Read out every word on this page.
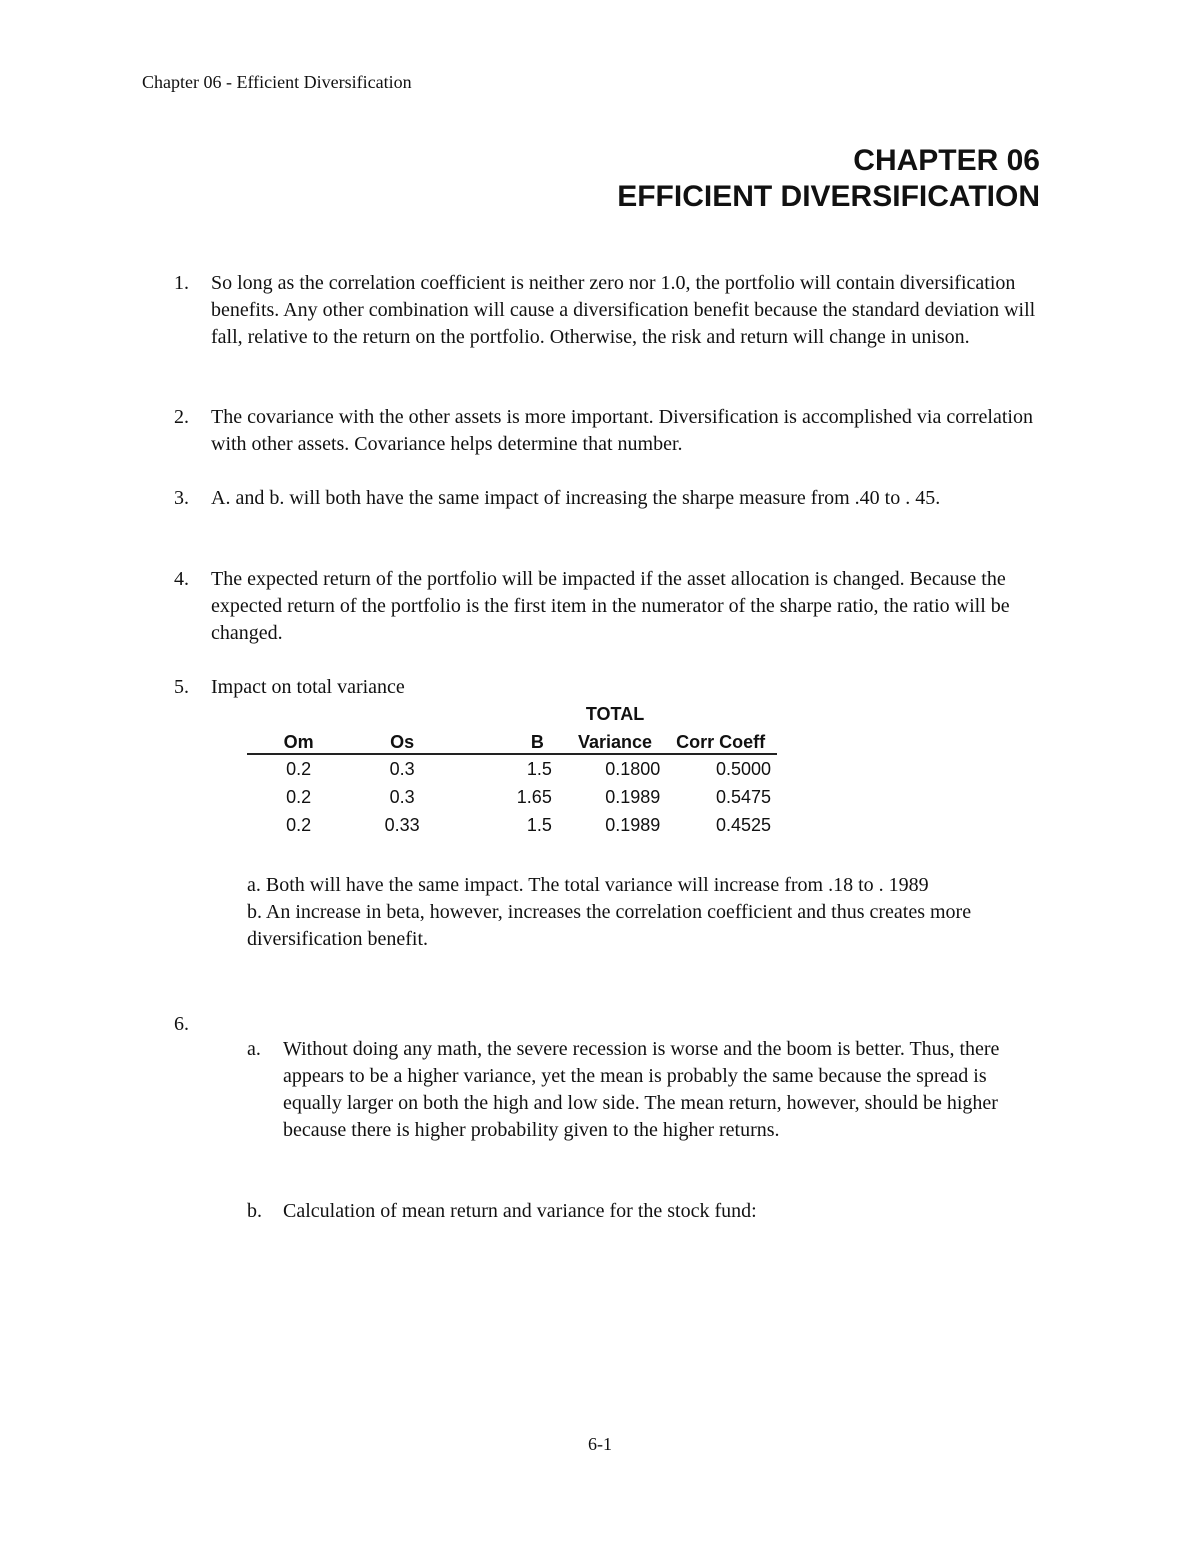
Chapter 06 - Efficient Diversification
CHAPTER 06
EFFICIENT DIVERSIFICATION
1. So long as the correlation coefficient is neither zero nor 1.0, the portfolio will contain diversification benefits. Any other combination will cause a diversification benefit because the standard deviation will fall, relative to the return on the portfolio. Otherwise, the risk and return will change in unison.
2. The covariance with the other assets is more important. Diversification is accomplished via correlation with other assets. Covariance helps determine that number.
3. A. and b. will both have the same impact of increasing the sharpe measure from .40 to . 45.
4. The expected return of the portfolio will be impacted if the asset allocation is changed. Because the expected return of the portfolio is the first item in the numerator of the sharpe ratio, the ratio will be changed.
5. Impact on total variance
			TOTAL	
Om	Os	B	Variance	Corr Coeff
0.2	0.3	1.5	0.1800	0.5000
0.2	0.3	1.65	0.1989	0.5475
0.2	0.33	1.5	0.1989	0.4525
a. Both will have the same impact. The total variance will increase from .18 to . 1989
b. An increase in beta, however, increases the correlation coefficient and thus creates more diversification benefit.
6.
a. Without doing any math, the severe recession is worse and the boom is better. Thus, there appears to be a higher variance, yet the mean is probably the same because the spread is equally larger on both the high and low side. The mean return, however, should be higher because there is higher probability given to the higher returns.
b. Calculation of mean return and variance for the stock fund:
6-1
